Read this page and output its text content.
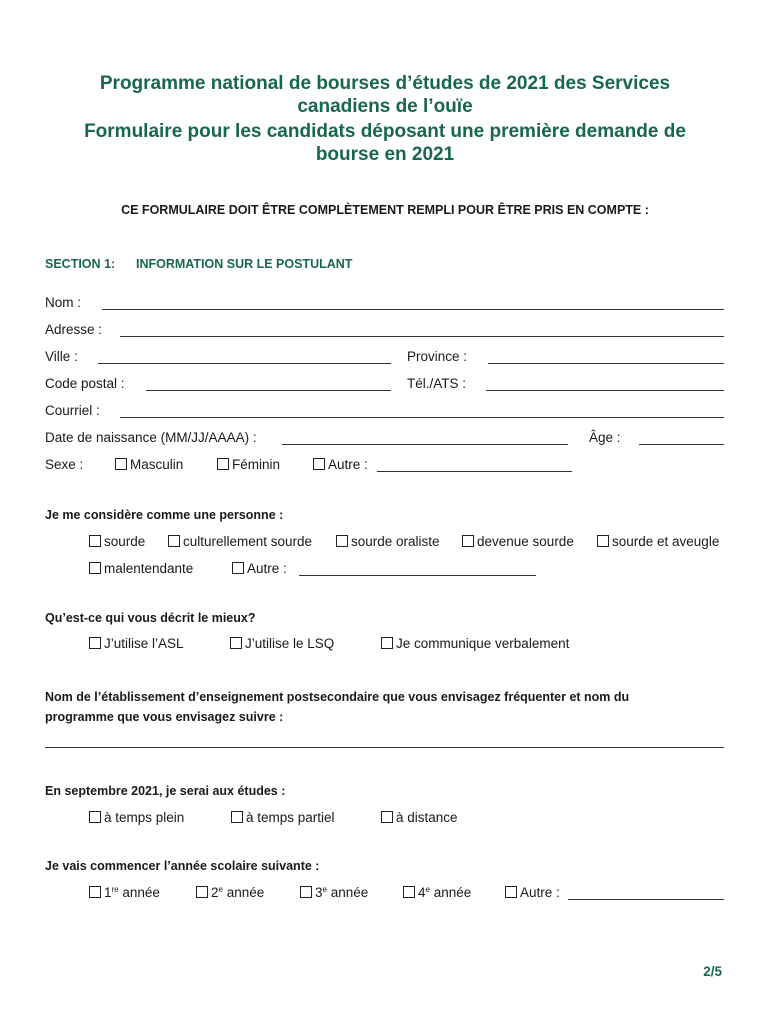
Programme national de bourses d’études de 2021 des Services
canadiens de l’ouïe
Formulaire pour les candidats déposant une première demande de
bourse en 2021
CE FORMULAIRE DOIT ÊTRE COMPLÈTEMENT REMPLI POUR ÊTRE PRIS EN COMPTE :
SECTION 1: INFORMATION SUR LE POSTULANT
Nom :
Adresse :
Ville :	Province :
Code postal :	Tél./ATS :
Courriel :
Date de naissance (MM/JJ/AAAA) :	Âge :
Sexe :	Masculin	Féminin	Autre :
Je me considère comme une personne :
sourde	culturellement sourde	sourde oraliste	devenue sourde	sourde et aveugle
malentendante	Autre :
Qu’est-ce qui vous décrit le mieux?
J’utilise l’ASL	J’utilise le LSQ	Je communique verbalement
Nom de l’établissement d’enseignement postsecondaire que vous envisagez fréquenter et nom du
programme que vous envisagez suivre :
En septembre 2021, je serai aux études :
à temps plein	à temps partiel	à distance
Je vais commencer l’année scolaire suivante :
1re année	2e année	3e année	4e année	Autre :
2/5
